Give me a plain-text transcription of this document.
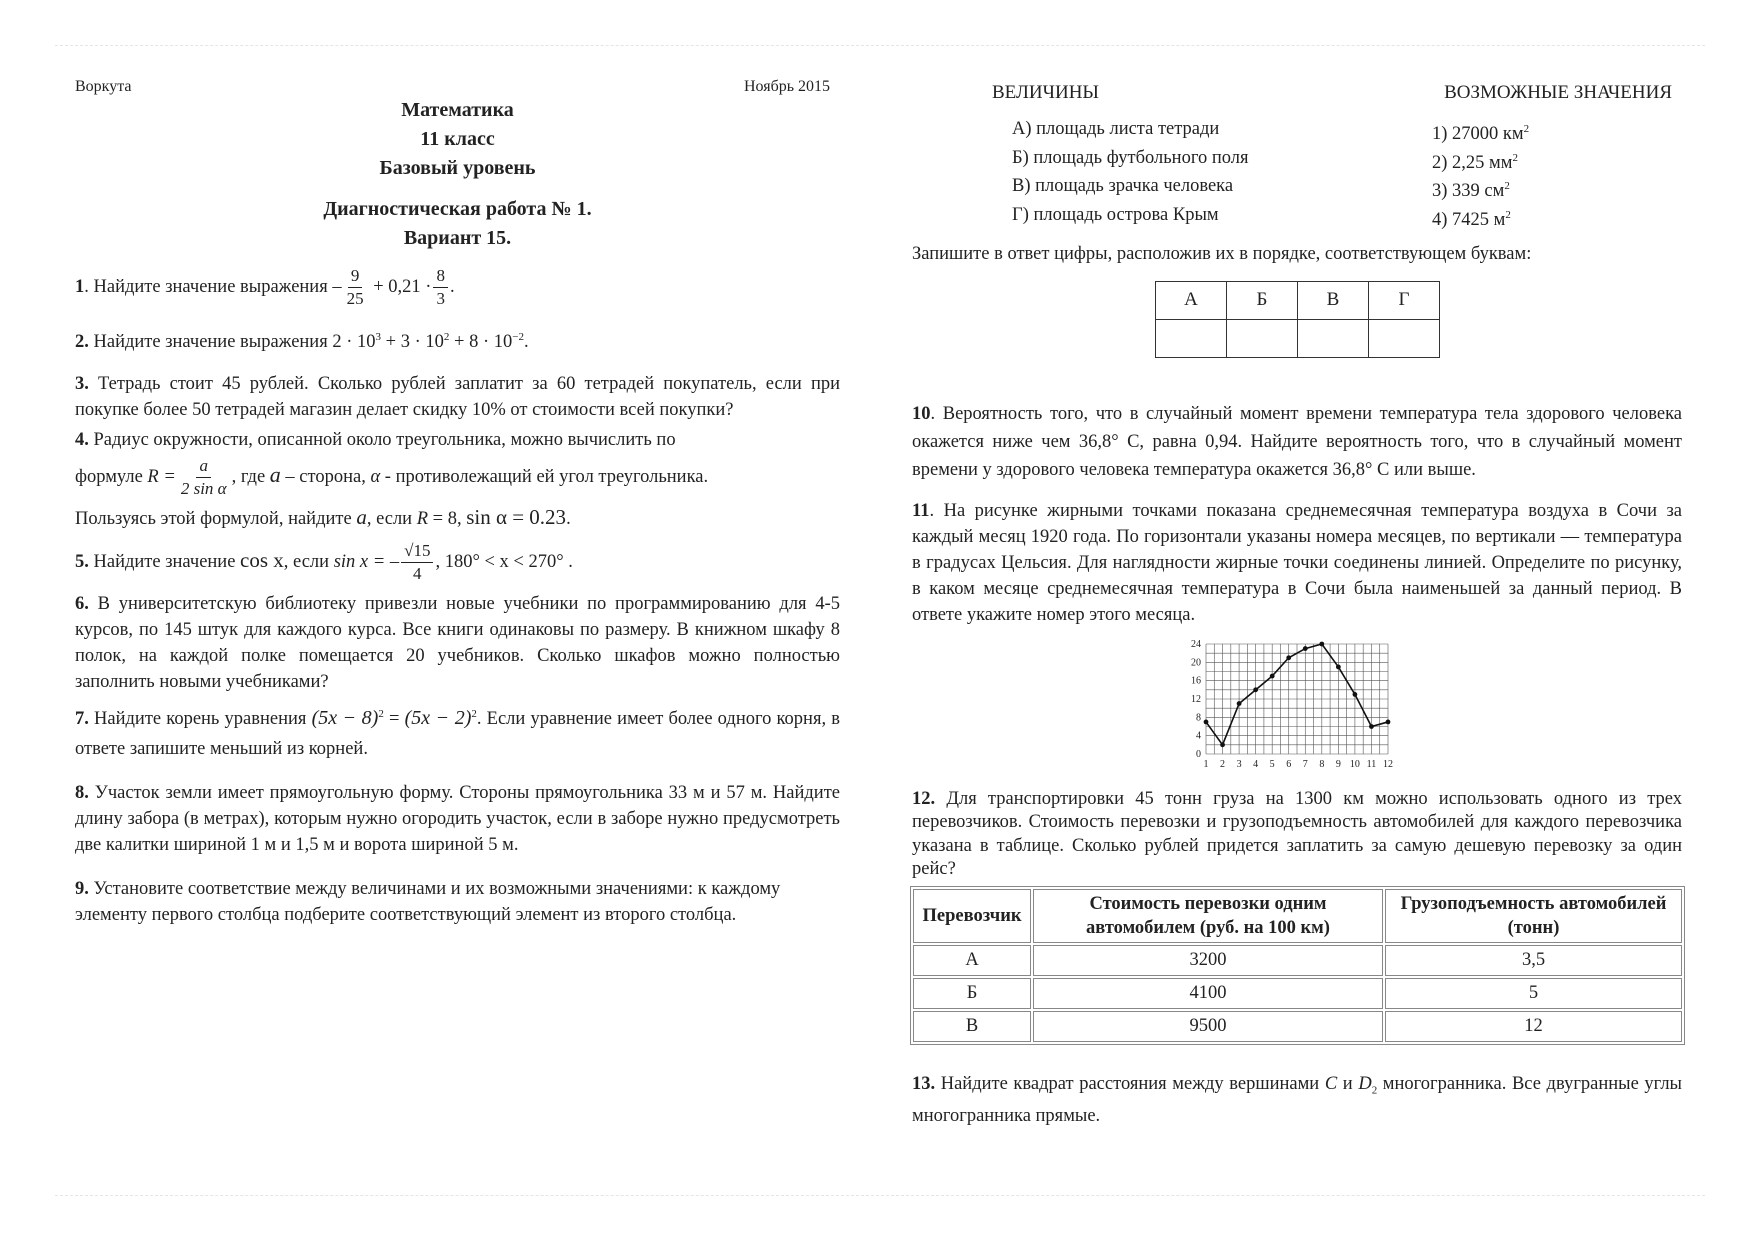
Воркута	Ноябрь 2015
Математика
11 класс
Базовый уровень
Диагностическая работа № 1.
Вариант 15.
1. Найдите значение выражения – $\frac{9}{25} + 0,21 \cdot \frac{8}{3}$ .
2. Найдите значение выражения $2 \cdot 10^3 + 3 \cdot 10^2 + 8 \cdot 10^{-2}$.
3. Тетрадь стоит 45 рублей. Сколько рублей заплатит за 60 тетрадей покупатель, если при покупке более 50 тетрадей магазин делает скидку 10% от стоимости всей покупки?
4. Радиус окружности, описанной около треугольника, можно вычислить по
формуле $R = \frac{a}{\text{2 sin α}}$ , где a – сторона, α - противолежащий ей угол треугольника.
Пользуясь этой формулой, найдите a, если R = 8, sin α = 0.23.
5. Найдите значение cos x, если sin x = – $\frac{√15}{4}$ , 180° < x < 270° .
6. В университетскую библиотеку привезли новые учебники по программированию для 4-5 курсов, по 145 штук для каждого курса. Все книги одинаковы по размеру. В книжном шкафу 8 полок, на каждой полке помещается 20 учебников. Сколько шкафов можно полностью заполнить новыми учебниками?
7. Найдите корень уравнения $(5x - 8)^2 = (5x - 2)^2$. Если уравнение имеет более одного корня, в ответе запишите меньший из корней.
8. Участок земли имеет прямоугольную форму. Стороны прямоугольника 33 м и 57 м. Найдите длину забора (в метрах), которым нужно огородить участок, если в заборе нужно предусмотреть две калитки шириной 1 м и 1,5 м и ворота шириной 5 м.
9. Установите соответствие между величинами и их возможными значениями: к каждому элементу первого столбца подберите соответствующий элемент из второго столбца.
ВЕЛИЧИНЫ	ВОЗМОЖНЫЕ ЗНАЧЕНИЯ
А) площадь листа тетради	1) 27000 $км^2$
Б) площадь футбольного поля	2) 2,25 $мм^2$
В) площадь зрачка человека	3) 339 $см^2$
Г) площадь острова Крым	4) 7425 $м^2$
Запишите в ответ цифры, расположив их в порядке, соответствующем буквам:
А	Б	В	Г

10. Вероятность того, что в случайный момент времени температура тела здорового человека окажется ниже чем 36,8° С, равна 0,94. Найдите вероятность того, что в случайный момент времени у здорового человека температура окажется 36,8° С или выше.
11. На рисунке жирными точками показана среднемесячная температура воздуха в Сочи за каждый месяц 1920 года. По горизонтали указаны номера месяцев, по вертикали — температура в градусах Цельсия. Для наглядности жирные точки соединены линией. Определите по рисунку, в каком месяце среднемесячная температура в Сочи была наименьшей за данный период. В ответе укажите номер этого месяца.
0
4
8
12
16
20
24
1 2 3 4 5 6 7 8 9 10 11 12
12. Для транспортировки 45 тонн груза на 1300 км можно использовать одного из трех перевозчиков. Стоимость перевозки и грузоподъемность автомобилей для каждого перевозчика указана в таблице. Сколько рублей придется заплатить за самую дешевую перевозку за один рейс?
Перевозчик	Стоимость перевозки одним автомобилем (руб. на 100 км)	Грузоподъемность автомобилей (тонн)
А	3200	3,5
Б	4100	5
В	9500	12
13. Найдите квадрат расстояния между вершинами C и $D_2$ многогранника. Все двугранные углы многогранника прямые.
